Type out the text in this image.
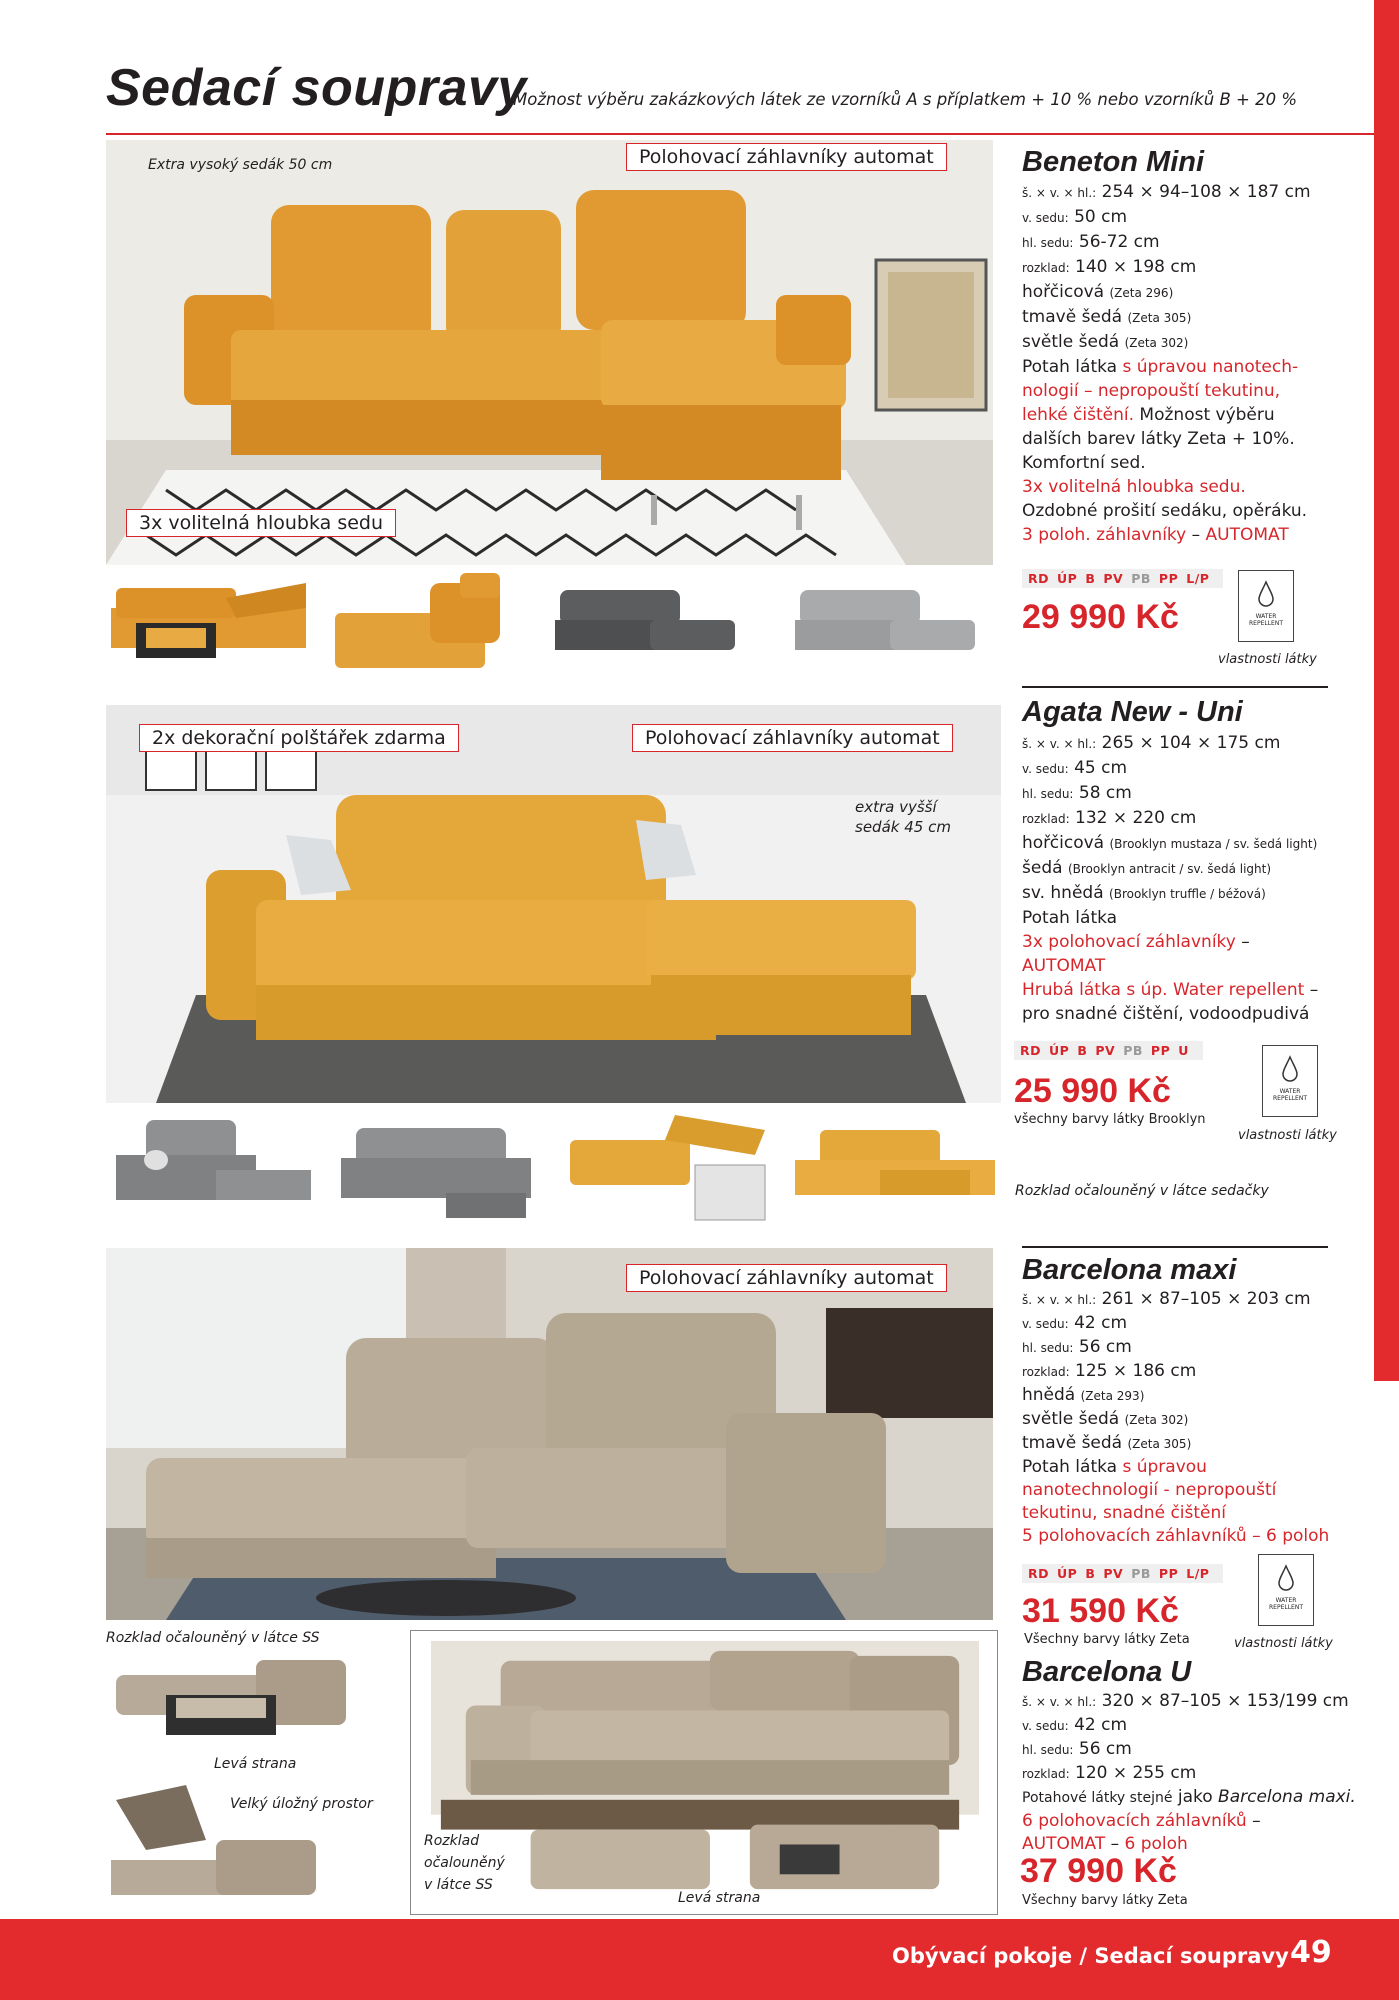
Sedací soupravy
Možnost výběru zakázkových látek ze vzorníků A s příplatkem + 10 % nebo vzorníků B + 20 %
Polohovací záhlavníky automat
3x volitelná hloubka sedu
Extra vysoký sedák 50 cm	Beneton Mini
š. × v. × hl.: 254 × 94–108 × 187 cm
v. sedu: 50 cm
hl. sedu: 56-72 cm
rozklad: 140 × 198 cm
hořčicová (Zeta 296)
tmavě šedá (Zeta 305)
světle šedá (Zeta 302)
Potah látka s úpravou nanotech-
nologií – nepropouští tekutinu,
lehké čištění. Možnost výběru
dalších barev látky Zeta + 10%.
Komfortní sed.
3x volitelná hloubka sedu.
Ozdobné prošití sedáku, opěráku.
3 poloh. záhlavníky – AUTOMAT
RD ÚP B PV PB PP L/P
29 990 Kč	WATER REPELLENT
vlastnosti látky
2x dekorační polštářek zdarma	Polohovací záhlavníky automat
extra vyšší
sedák 45 cm
Rozklad očalouněný v látce sedačky
Agata New - Uni
š. × v. × hl.: 265 × 104 × 175 cm
v. sedu: 45 cm
hl. sedu: 58 cm
rozklad: 132 × 220 cm
hořčicová (Brooklyn mustaza / sv. šedá light)
šedá (Brooklyn antracit / sv. šedá light)
sv. hnědá (Brooklyn truffle / béžová)
Potah látka
3x polohovací záhlavníky –
AUTOMAT
Hrubá látka s úp. Water repellent –
pro snadné čištění, vodoodpudivá
RD ÚP B PV PB PP U
25 990 Kč
všechny barvy látky Brooklyn
WATER REPELLENT
vlastnosti látky
Polohovací záhlavníky automat
Rozklad očalouněný v látce SS
Levá strana
Velký úložný prostor
Rozklad
očalouněný
v látce SS
Levá strana
Barcelona maxi
š. × v. × hl.: 261 × 87–105 × 203 cm
v. sedu: 42 cm
hl. sedu: 56 cm
rozklad: 125 × 186 cm
hnědá (Zeta 293)
světle šedá (Zeta 302)
tmavě šedá (Zeta 305)
Potah látka s úpravou
nanotechnologií - nepropouští
tekutinu, snadné čištění
5 polohovacích záhlavníků – 6 poloh
RD ÚP B PV PB PP L/P
31 590 Kč
Všechny barvy látky Zeta
WATER REPELLENT
vlastnosti látky
Barcelona U
š. × v. × hl.: 320 × 87–105 × 153/199 cm
v. sedu: 42 cm
hl. sedu: 56 cm
rozklad: 120 × 255 cm
Potahové látky stejné jako Barcelona maxi.
6 polohovacích záhlavníků –
AUTOMAT – 6 poloh
37 990 Kč
Všechny barvy látky Zeta
Obývací pokoje / Sedací soupravy 49
